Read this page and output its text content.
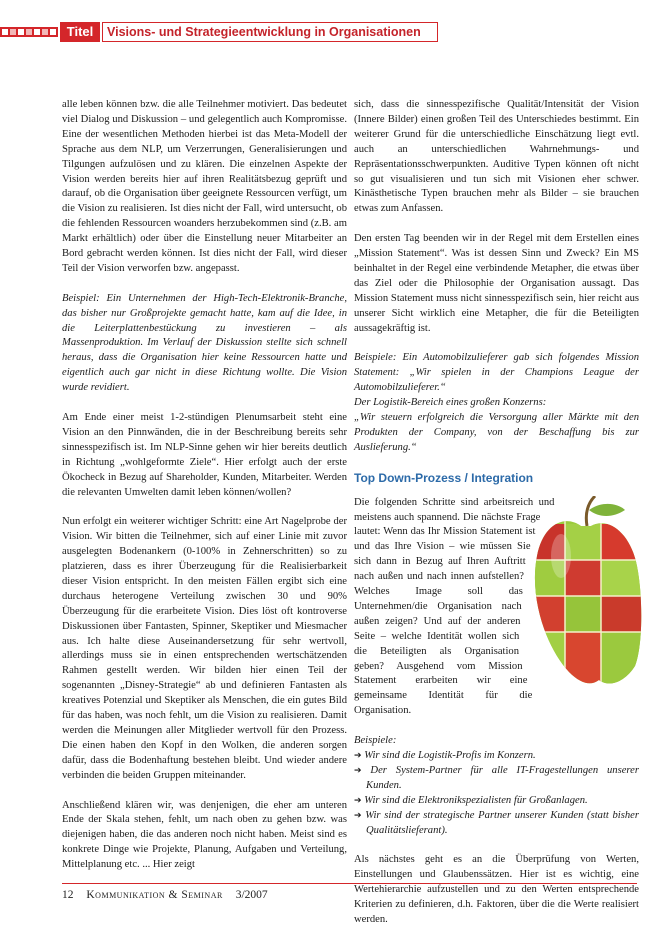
Titel	Visions- und Strategieentwicklung in Organisationen

alle leben können bzw. die alle Teilnehmer motiviert. Das bedeutet viel Dialog und Diskussion – und gelegentlich auch Kompromisse. Eine der wesentlichen Methoden hierbei ist das Meta-Modell der Sprache aus dem NLP, um Verzerrungen, Generalisierungen und Tilgungen aufzulösen und zu klären. Die einzelnen Aspekte der Vision werden bereits hier auf ihren Realitätsbezug geprüft und darauf, ob die Organisation über geeignete Ressourcen verfügt, um die Vision zu realisieren. Ist dies nicht der Fall, wird untersucht, ob die fehlenden Ressourcen woanders herzubekommen sind (z.B. am Markt erhältlich) oder über die Einstellung neuer Mitarbeiter an Bord gebracht werden können. Ist dies nicht der Fall, wird dieser Teil der Vision verworfen bzw. angepasst.

Beispiel: Ein Unternehmen der High-Tech-Elektronik-Branche, das bisher nur Großprojekte gemacht hatte, kam auf die Idee, in die Leiterplattenbestückung zu investieren – als Massenproduktion. Im Verlauf der Diskussion stellte sich schnell heraus, dass die Organisation hier keine Ressourcen hatte und eigentlich auch gar nicht in diese Richtung wollte. Die Vision wurde revidiert.

Am Ende einer meist 1-2-stündigen Plenumsarbeit steht eine Vision an den Pinnwänden, die in der Beschreibung bereits sehr sinnesspezifisch ist. Im NLP-Sinne gehen wir hier bereits deutlich in Richtung „wohlgeformte Ziele“. Hier erfolgt auch der erste Ökocheck in Bezug auf Shareholder, Kunden, Mitarbeiter. Werden die relevanten Umwelten damit leben können/wollen?

Nun erfolgt ein weiterer wichtiger Schritt: eine Art Nagelprobe der Vision. Wir bitten die Teilnehmer, sich auf einer Linie mit zuvor ausgelegten Bodenankern (0-100% in Zehnerschritten) so zu platzieren, dass es ihrer Überzeugung für die Realisierbarkeit dieser Vision entspricht. In den meisten Fällen ergibt sich eine durchaus heterogene Verteilung zwischen 30 und 90% Überzeugung für die erarbeitete Vision. Dies löst oft kontroverse Diskussionen über Fantasten, Spinner, Skeptiker und Miesmacher aus. Ich halte diese Auseinandersetzung für sehr wertvoll, allerdings muss sie in einen entsprechenden wertschätzenden Rahmen gestellt werden. Wir bilden hier einen Teil der sogenannten „Disney-Strategie“ ab und definieren Fantasten als kreatives Potenzial und Skeptiker als Menschen, die ein gutes Bild für das haben, was noch fehlt, um die Vision zu realisieren. Damit werden die Meinungen aller Mitglieder wertvoll für den Prozess. Die einen haben den Kopf in den Wolken, die anderen sorgen dafür, dass die Bodenhaftung bestehen bleibt. Und wieder andere verbinden die beiden Gruppen miteinander.

Anschließend klären wir, was denjenigen, die eher am unteren Ende der Skala stehen, fehlt, um nach oben zu gehen bzw. was diejenigen haben, die das anderen noch nicht haben. Meist sind es konkrete Dinge wie Projekte, Planung, Aufgaben und Verteilung, Mittelplanung etc. ... Hier zeigt

sich, dass die sinnesspezifische Qualität/Intensität der Vision (Innere Bilder) einen großen Teil des Unterschiedes bestimmt. Ein weiterer Grund für die unterschiedliche Einschätzung liegt evtl. auch an unterschiedlichen Wahrnehmungs- und Repräsentationsschwerpunkten. Auditive Typen können oft nicht so gut visualisieren und tun sich mit Visionen eher schwer. Kinästhetische Typen brauchen mehr als Bilder – sie brauchen etwas zum Anfassen.

Den ersten Tag beenden wir in der Regel mit dem Erstellen eines „Mission Statement“. Was ist dessen Sinn und Zweck? Ein MS beinhaltet in der Regel eine verbindende Metapher, die etwas über das Ziel oder die Philosophie der Organisation aussagt. Das Mission Statement muss nicht sinnesspezifisch sein, hier reicht aus unserer Sicht wirklich eine Metapher, die für die Beteiligten aussagekräftig ist.

Beispiele: Ein Automobilzulieferer gab sich folgendes Mission Statement: „Wir spielen in der Champions League der Automobilzulieferer.“

Der Logistik-Bereich eines großen Konzerns:

„Wir steuern erfolgreich die Versorgung aller Märkte mit den Produkten der Company, von der Beschaffung bis zur Auslieferung.“

Top Down-Prozess / Integration

Die folgenden Schritte sind arbeitsreich und meistens auch spannend. Die nächste Frage lautet: Wenn das Ihr Mission Statement ist und das Ihre Vision – wie müssen Sie sich dann in Bezug auf Ihren Auftritt nach außen und nach innen aufstellen? Welches Image soll das Unternehmen/die Organisation nach außen zeigen? Und auf der anderen Seite – welche Identität wollen sich die Beteiligten als Organisation geben? Ausgehend vom Mission Statement erarbeiten wir eine gemeinsame Identität für die Organisation.

Beispiele:
➔ Wir sind die Logistik-Profis im Konzern.
➔ Der System-Partner für alle IT-Fragestellungen unserer Kunden.
➔ Wir sind die Elektronikspezialisten für Großanlagen.
➔ Wir sind der strategische Partner unserer Kunden (statt bisher Qualitätslieferant).

Als nächstes geht es an die Überprüfung von Werten, Einstellungen und Glaubenssätzen. Hier ist es wichtig, eine Wertehierarchie aufzustellen und zu den Werten entsprechende Kriterien zu definieren, d.h. Faktoren, über die die Werte realisiert werden.

12 Kommunikation & Seminar 3/2007
